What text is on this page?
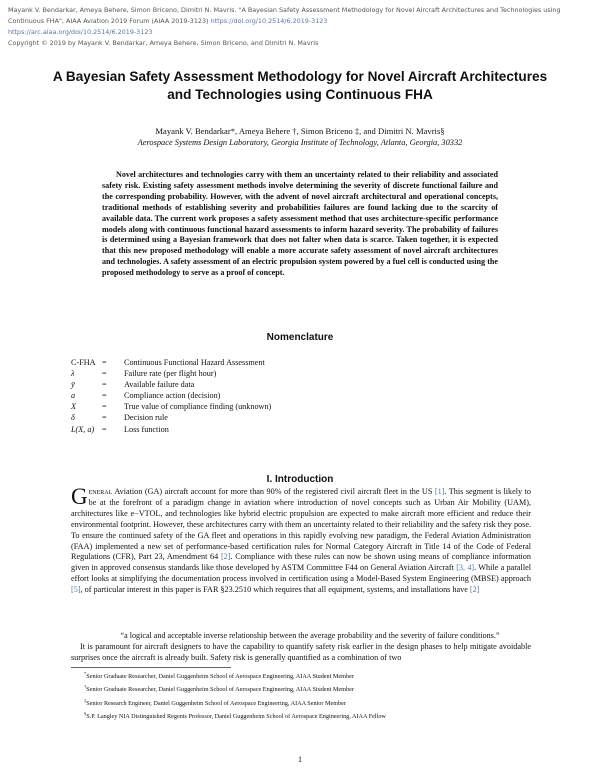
Mayank V. Bendarkar, Ameya Behere, Simon Briceno, Dimitri N. Mavris. "A Bayesian Safety Assessment Methodology for Novel Aircraft Architectures and Technologies using Continuous FHA", AIAA Aviation 2019 Forum (AIAA 2019-3123) https://doi.org/10.2514/6.2019-3123
https://arc.aiaa.org/doi/10.2514/6.2019-3123
Copyright © 2019 by Mayank V. Bendarkar, Ameya Behere, Simon Briceno, and Dimitri N. Mavris
A Bayesian Safety Assessment Methodology for Novel Aircraft Architectures and Technologies using Continuous FHA
Mayank V. Bendarkar*, Ameya Behere †, Simon Briceno ‡, and Dimitri N. Mavris§
Aerospace Systems Design Laboratory, Georgia Institute of Technology, Atlanta, Georgia, 30332
Novel architectures and technologies carry with them an uncertainty related to their reliability and associated safety risk. Existing safety assessment methods involve determining the severity of discrete functional failure and the corresponding probability. However, with the advent of novel aircraft architectural and operational concepts, traditional methods of establishing severity and probabilities failures are found lacking due to the scarcity of available data. The current work proposes a safety assessment method that uses architecture-specific performance models along with continuous functional hazard assessments to inform hazard severity. The probability of failures is determined using a Bayesian framework that does not falter when data is scarce. Taken together, it is expected that this new proposed methodology will enable a more accurate safety assessment of novel aircraft architectures and technologies. A safety assessment of an electric propulsion system powered by a fuel cell is conducted using the proposed methodology to serve as a proof of concept.
Nomenclature
C-FHA =	Continuous Functional Hazard Assessment
λ	=	Failure rate (per flight hour)
ȳ	=	Available failure data
a	=	Compliance action (decision)
X	=	True value of compliance finding (unknown)
δ	=	Decision rule
L(X, a) =	Loss function
I. Introduction
General Aviation (GA) aircraft account for more than 90% of the registered civil aircraft fleet in the US [1]. This segment is likely to be at the forefront of a paradigm change in aviation where introduction of novel concepts such as Urban Air Mobility (UAM), architectures like e−VTOL, and technologies like hybrid electric propulsion are expected to make aircraft more efficient and reduce their environmental footprint. However, these architectures carry with them an uncertainty related to their reliability and the safety risk they pose. To ensure the continued safety of the GA fleet and operations in this rapidly evolving new paradigm, the Federal Aviation Administration (FAA) implemented a new set of performance-based certification rules for Normal Category Aircraft in Title 14 of the Code of Federal Regulations (CFR), Part 23, Amendment 64 [2]. Compliance with these rules can now be shown using means of compliance information given in approved consensus standards like those developed by ASTM Committee F44 on General Aviation Aircraft [3, 4]. While a parallel effort looks at simplifying the documentation process involved in certification using a Model-Based System Engineering (MBSE) approach [5], of particular interest in this paper is FAR §23.2510 which requires that all equipment, systems, and installations have [2]
“a logical and acceptable inverse relationship between the average probability and the severity of failure conditions.”
It is paramount for aircraft designers to have the capability to quantify safety risk earlier in the design phases to help mitigate avoidable surprises once the aircraft is already built. Safety risk is generally quantified as a combination of two
*Senior Graduate Researcher, Daniel Guggenheim School of Aerospace Engineering, AIAA Student Member
†Senior Graduate Researcher, Daniel Guggenheim School of Aerospace Engineering, AIAA Student Member
‡Senior Research Engineer, Daniel Guggenheim School of Aerospace Engineering, AIAA Senior Member
§S.P. Langley NIA Distinguished Regents Professor, Daniel Guggenheim School of Aerospace Engineering, AIAA Fellow
1
